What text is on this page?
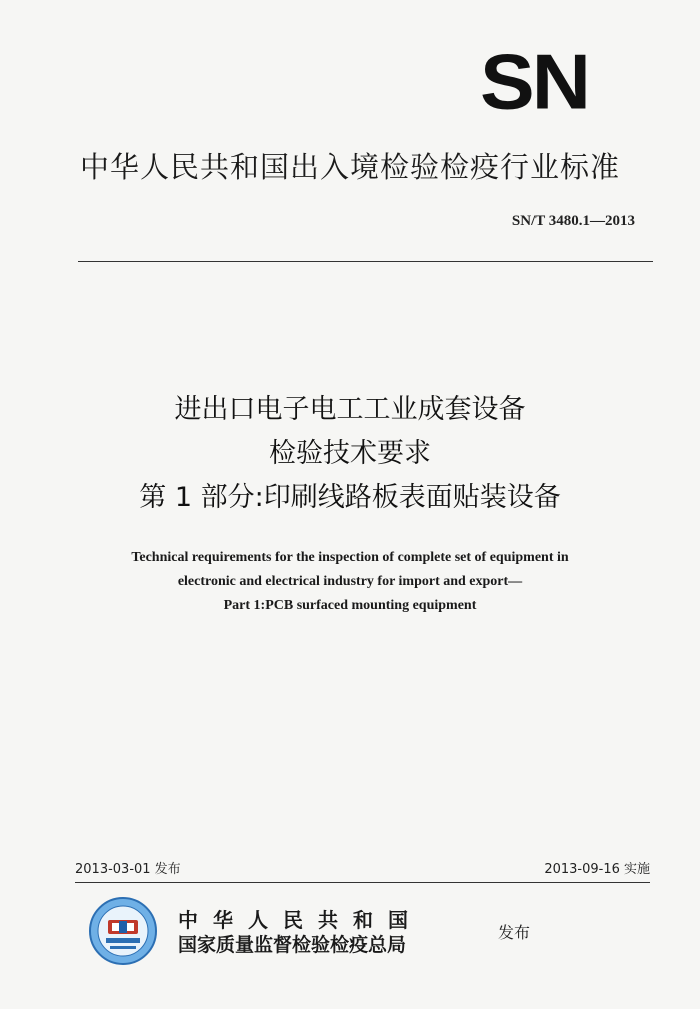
SN
中华人民共和国出入境检验检疫行业标准
SN/T 3480.1—2013
进出口电子电工工业成套设备
检验技术要求
第 1 部分:印刷线路板表面贴装设备
Technical requirements for the inspection of complete set of equipment in
electronic and electrical industry for import and export—
Part 1:PCB surfaced mounting equipment
2013-03-01 发布	2013-09-16 实施
中华人民共和国
国家质量监督检验检疫总局
发布
